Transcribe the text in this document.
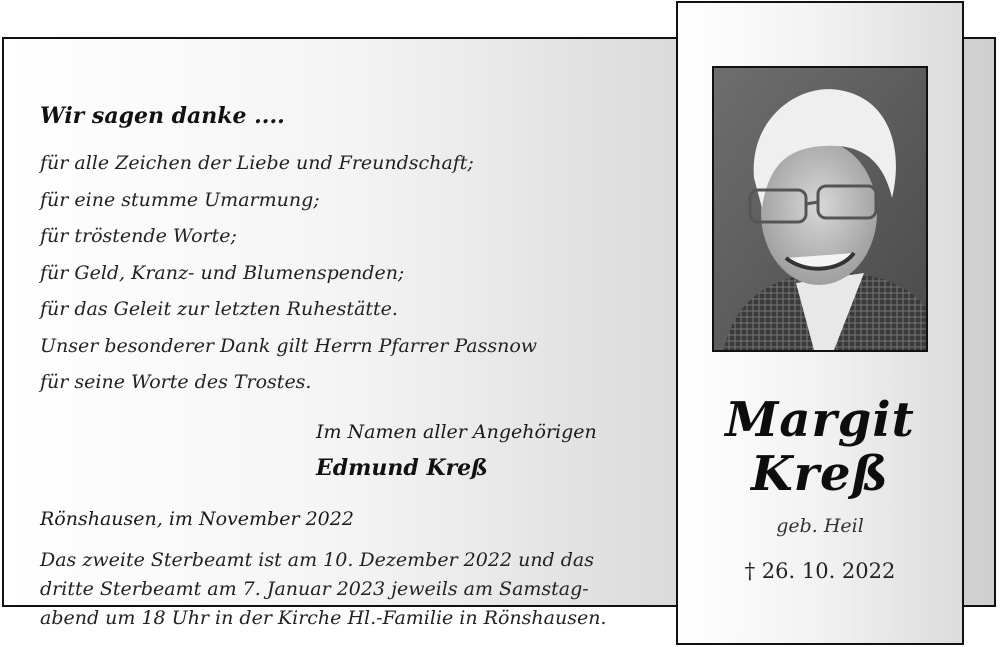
Wir sagen danke ....
für alle Zeichen der Liebe und Freundschaft;
für eine stumme Umarmung;
für tröstende Worte;
für Geld, Kranz- und Blumenspenden;
für das Geleit zur letzten Ruhestätte.
Unser besonderer Dank gilt Herrn Pfarrer Passnow
für seine Worte des Trostes.
Im Namen aller Angehörigen
Edmund Kreß
Rönshausen, im November 2022
Das zweite Sterbeamt ist am 10. Dezember 2022 und das
dritte Sterbeamt am 7. Januar 2023 jeweils am Samstag-
abend um 18 Uhr in der Kirche Hl.-Familie in Rönshausen.
Margit
Kreß
geb. Heil
† 26. 10. 2022
